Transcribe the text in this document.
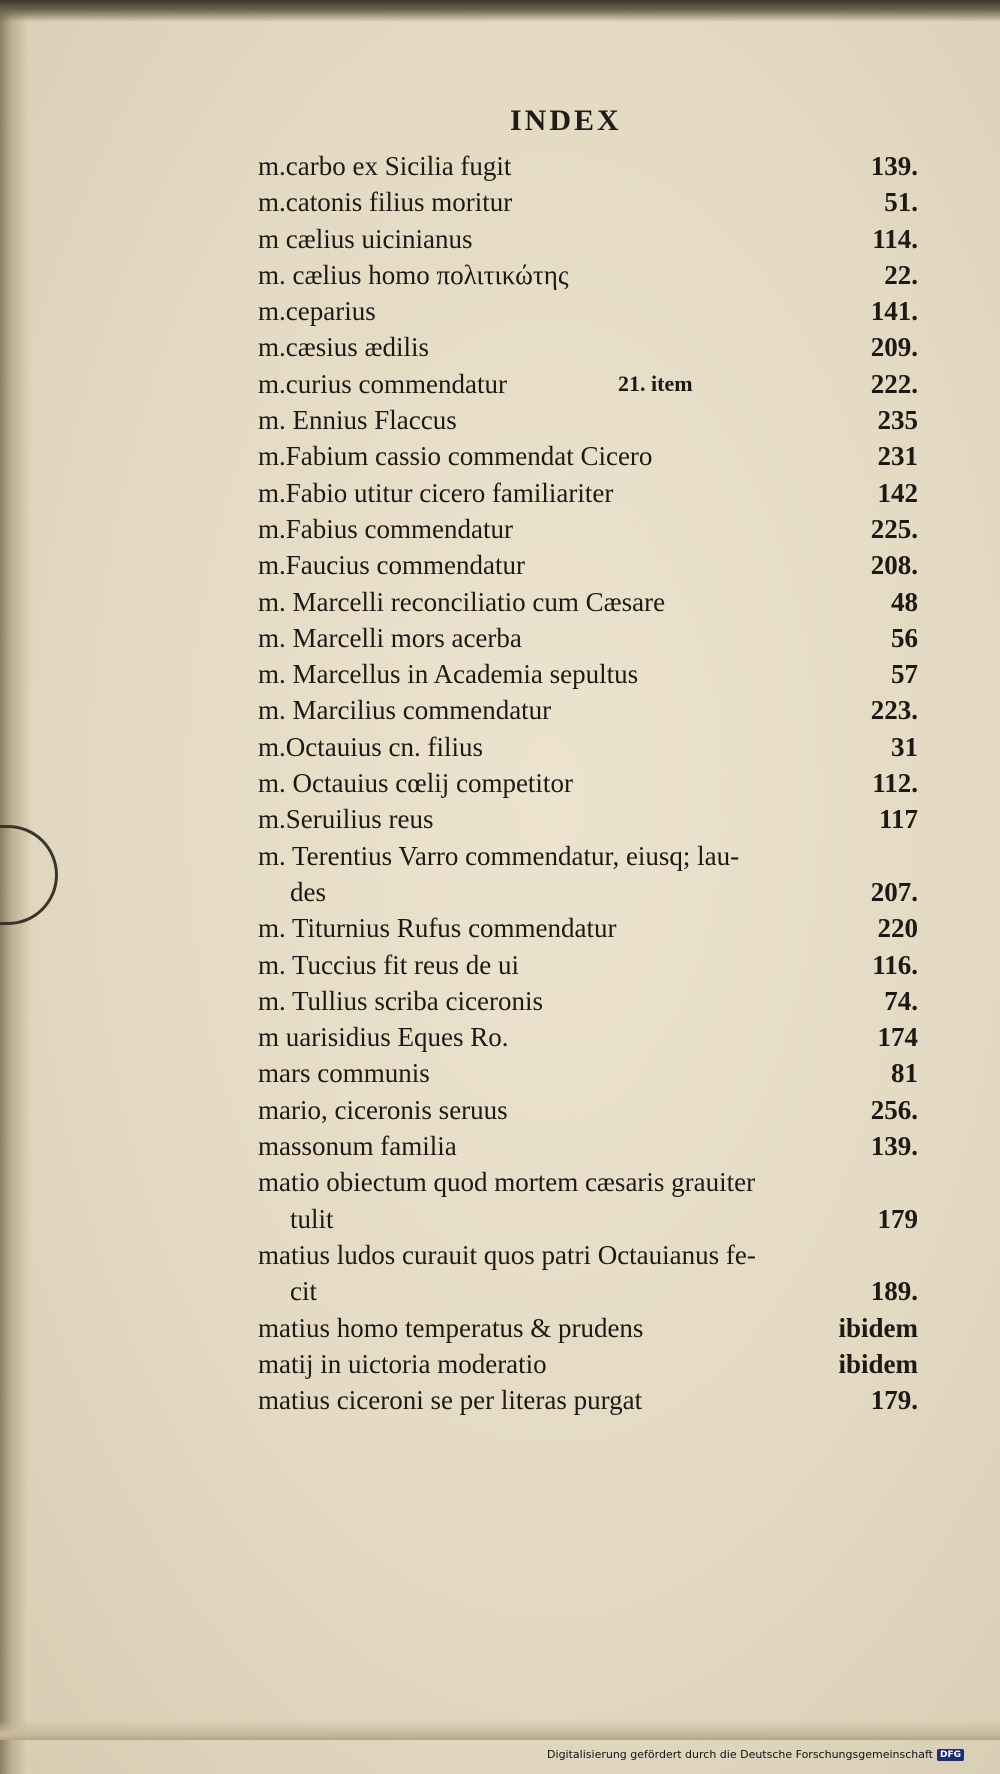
INDEX
m.carbo ex Sicilia fugit	139.
m.catonis filius moritur	51.
m cælius uicinianus	114.
m. cælius homo πολιτικώτης	22.
m.ceparius	141.
m.cæsius ædilis	209.
m.curius commendatur	21. item	222.
m. Ennius Flaccus	235
m.Fabium cassio commendat Cicero	231
m.Fabio utitur cicero familiariter	142
m.Fabius commendatur	225.
m.Faucius commendatur	208.
m. Marcelli reconciliatio cum Cæsare	48
m. Marcelli mors acerba	56
m. Marcellus in Academia sepultus	57
m. Marcilius commendatur	223.
m.Octauius cn. filius	31
m. Octauius cœlij competitor	112.
m.Seruilius reus	117
m. Terentius Varro commendatur, eiusq; lau-
des	207.
m. Titurnius Rufus commendatur	220
m. Tuccius fit reus de ui	116.
m. Tullius scriba ciceronis	74.
m uarisidius Eques Ro.	174
mars communis	81
mario, ciceronis seruus	256.
massonum familia	139.
matio obiectum quod mortem cæsaris grauiter
tulit	179
matius ludos curauit quos patri Octauianus fe-
cit	189.
matius homo temperatus & prudens	ibidem
matij in uictoria moderatio	ibidem
matius ciceroni se per literas purgat	179.
Digitalisierung gefördert durch die Deutsche Forschungsgemeinschaft DFG
